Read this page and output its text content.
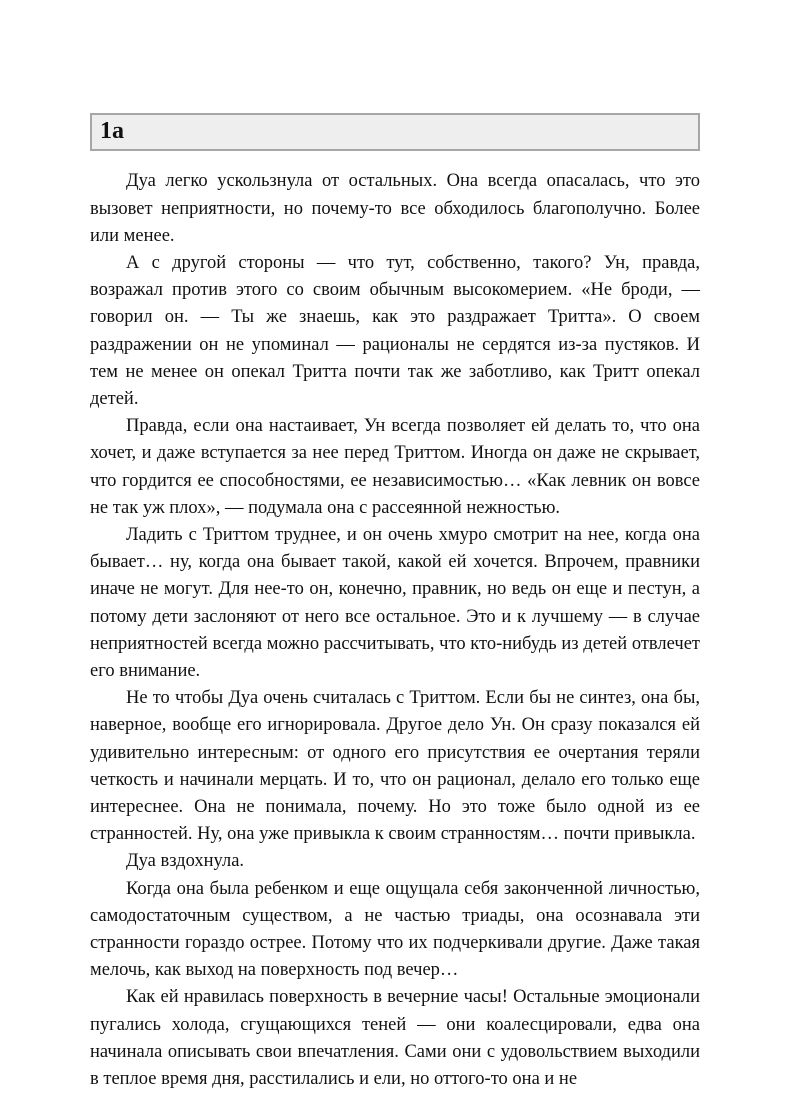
1a

Дуа легко ускользнула от остальных. Она всегда опасалась, что это вызовет неприятности, но почему-то все обходилось благополучно. Более или менее.

А с другой стороны — что тут, собственно, такого? Ун, правда, возражал против этого со своим обычным высокомерием. «Не броди, — говорил он. — Ты же знаешь, как это раздражает Тритта». О своем раздражении он не упоминал — рационалы не сердятся из-за пустяков. И тем не менее он опекал Тритта почти так же заботливо, как Тритт опекал детей.

Правда, если она настаивает, Ун всегда позволяет ей делать то, что она хочет, и даже вступается за нее перед Триттом. Иногда он даже не скрывает, что гордится ее способностями, ее независимостью… «Как левник он вовсе не так уж плох», — подумала она с рассеянной нежностью.

Ладить с Триттом труднее, и он очень хмуро смотрит на нее, когда она бывает… ну, когда она бывает такой, какой ей хочется. Впрочем, правники иначе не могут. Для нее-то он, конечно, правник, но ведь он еще и пестун, а потому дети заслоняют от него все остальное. Это и к лучшему — в случае неприятностей всегда можно рассчитывать, что кто-нибудь из детей отвлечет его внимание.

Не то чтобы Дуа очень считалась с Триттом. Если бы не синтез, она бы, наверное, вообще его игнорировала. Другое дело Ун. Он сразу показался ей удивительно интересным: от одного его присутствия ее очертания теряли четкость и начинали мерцать. И то, что он рационал, делало его только еще интереснее. Она не понимала, почему. Но это тоже было одной из ее странностей. Ну, она уже привыкла к своим странностям… почти привыкла.

Дуа вздохнула.

Когда она была ребенком и еще ощущала себя законченной личностью, самодостаточным существом, а не частью триады, она осознавала эти странности гораздо острее. Потому что их подчеркивали другие. Даже такая мелочь, как выход на поверхность под вечер…

Как ей нравилась поверхность в вечерние часы! Остальные эмоционали пугались холода, сгущающихся теней — они коалесцировали, едва она начинала описывать свои впечатления. Сами они с удовольствием выходили в теплое время дня, расстилались и ели, но оттого-то она и не
